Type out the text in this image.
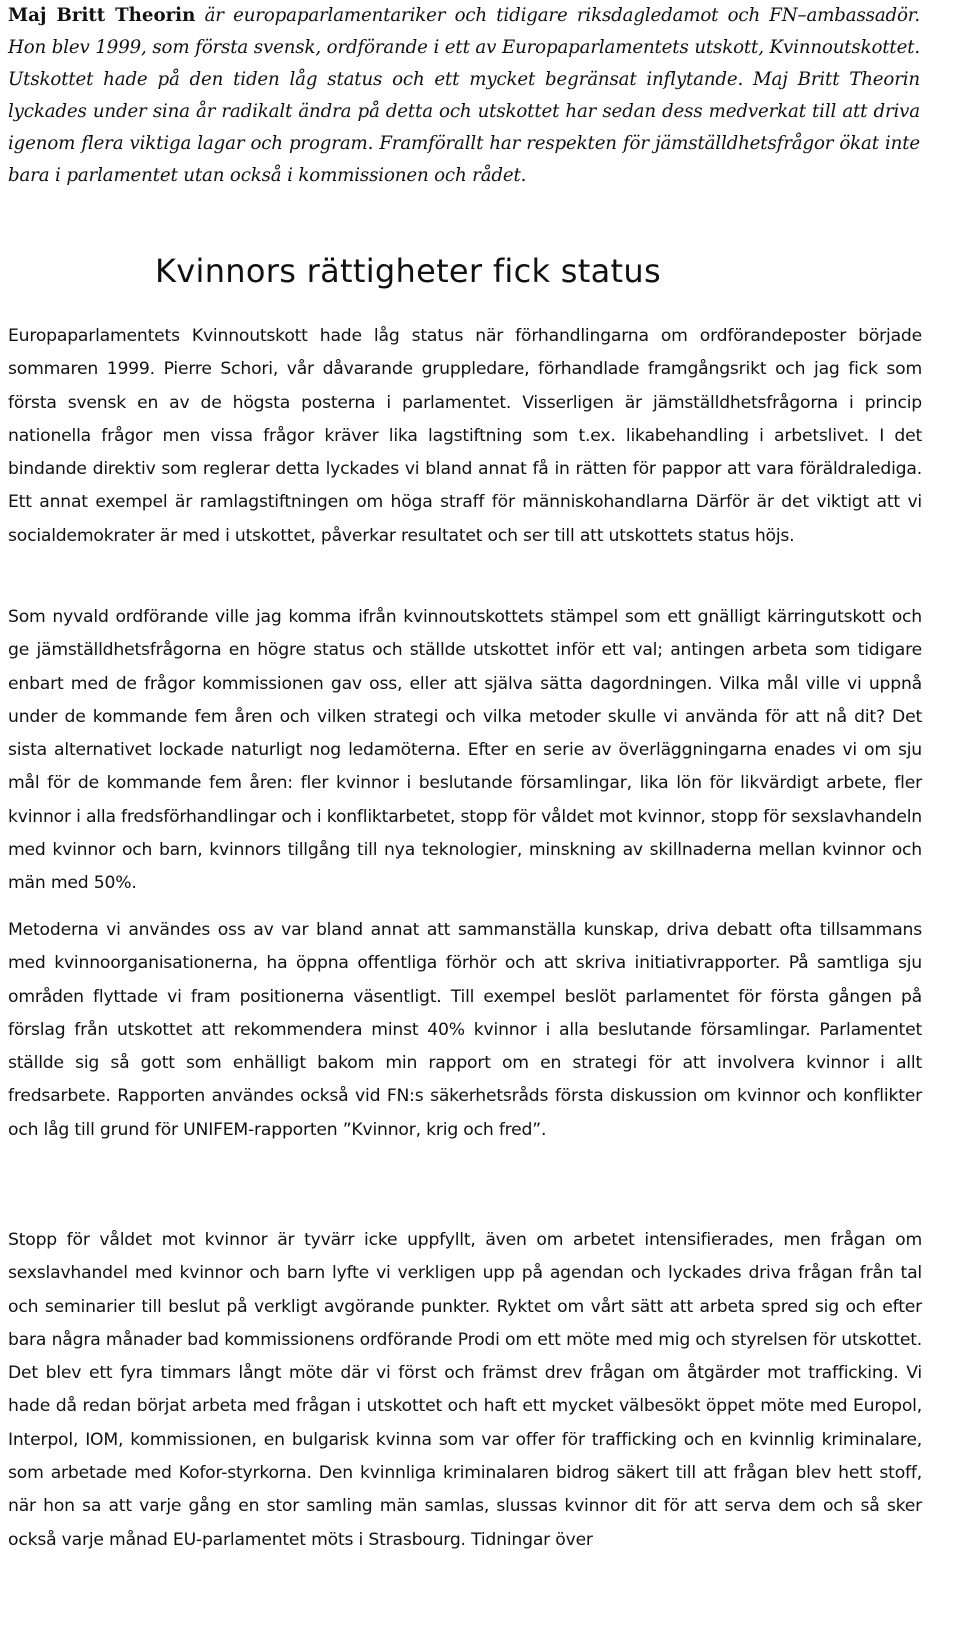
Maj Britt Theorin är europaparlamentariker och tidigare riksdagledamot och FN–ambassadör. Hon blev 1999, som första svensk, ordförande i ett av Europaparlamentets utskott, Kvinnoutskottet. Utskottet hade på den tiden låg status och ett mycket begränsat inflytande. Maj Britt Theorin lyckades under sina år radikalt ändra på detta och utskottet har sedan dess medverkat till att driva igenom flera viktiga lagar och program. Framförallt har respekten för jämställdhetsfrågor ökat inte bara i parlamentet utan också i kommissionen och rådet.

Kvinnors rättigheter fick status

Europaparlamentets Kvinnoutskott hade låg status när förhandlingarna om ordförandeposter började sommaren 1999. Pierre Schori, vår dåvarande gruppledare, förhandlade framgångsrikt och jag fick som första svensk en av de högsta posterna i parlamentet. Visserligen är jämställdhetsfrågorna i princip nationella frågor men vissa frågor kräver lika lagstiftning som t.ex. likabehandling i arbetslivet. I det bindande direktiv som reglerar detta lyckades vi bland annat få in rätten för pappor att vara föräldralediga. Ett annat exempel är ramlagstiftningen om höga straff för människohandlarna Därför är det viktigt att vi socialdemokrater är med i utskottet, påverkar resultatet och ser till att utskottets status höjs.

Som nyvald ordförande ville jag komma ifrån kvinnoutskottets stämpel som ett gnälligt kärringutskott och ge jämställdhetsfrågorna en högre status och ställde utskottet inför ett val; antingen arbeta som tidigare enbart med de frågor kommissionen gav oss, eller att själva sätta dagordningen. Vilka mål ville vi uppnå under de kommande fem åren och vilken strategi och vilka metoder skulle vi använda för att nå dit? Det sista alternativet lockade naturligt nog ledamöterna. Efter en serie av överläggningarna enades vi om sju mål för de kommande fem åren: fler kvinnor i beslutande församlingar, lika lön för likvärdigt arbete, fler kvinnor i alla fredsförhandlingar och i konfliktarbetet, stopp för våldet mot kvinnor, stopp för sexslavhandeln med kvinnor och barn, kvinnors tillgång till nya teknologier, minskning av skillnaderna mellan kvinnor och män med 50%.

Metoderna vi användes oss av var bland annat att sammanställa kunskap, driva debatt ofta tillsammans med kvinnoorganisationerna, ha öppna offentliga förhör och att skriva initiativrapporter. På samtliga sju områden flyttade vi fram positionerna väsentligt. Till exempel beslöt parlamentet för första gången på förslag från utskottet att rekommendera minst 40% kvinnor i alla beslutande församlingar. Parlamentet ställde sig så gott som enhälligt bakom min rapport om en strategi för att involvera kvinnor i allt fredsarbete. Rapporten användes också vid FN:s säkerhetsråds första diskussion om kvinnor och konflikter och låg till grund för UNIFEM-rapporten ”Kvinnor, krig och fred”.

Stopp för våldet mot kvinnor är tyvärr icke uppfyllt, även om arbetet intensifierades, men frågan om sexslavhandel med kvinnor och barn lyfte vi verkligen upp på agendan och lyckades driva frågan från tal och seminarier till beslut på verkligt avgörande punkter. Ryktet om vårt sätt att arbeta spred sig och efter bara några månader bad kommissionens ordförande Prodi om ett möte med mig och styrelsen för utskottet. Det blev ett fyra timmars långt möte där vi först och främst drev frågan om åtgärder mot trafficking. Vi hade då redan börjat arbeta med frågan i utskottet och haft ett mycket välbesökt öppet möte med Europol, Interpol, IOM, kommissionen, en bulgarisk kvinna som var offer för trafficking och en kvinnlig kriminalare, som arbetade med Kofor-styrkorna. Den kvinnliga kriminalaren bidrog säkert till att frågan blev hett stoff, när hon sa att varje gång en stor samling män samlas, slussas kvinnor dit för att serva dem och så sker också varje månad EU-parlamentet möts i Strasbourg. Tidningar över
